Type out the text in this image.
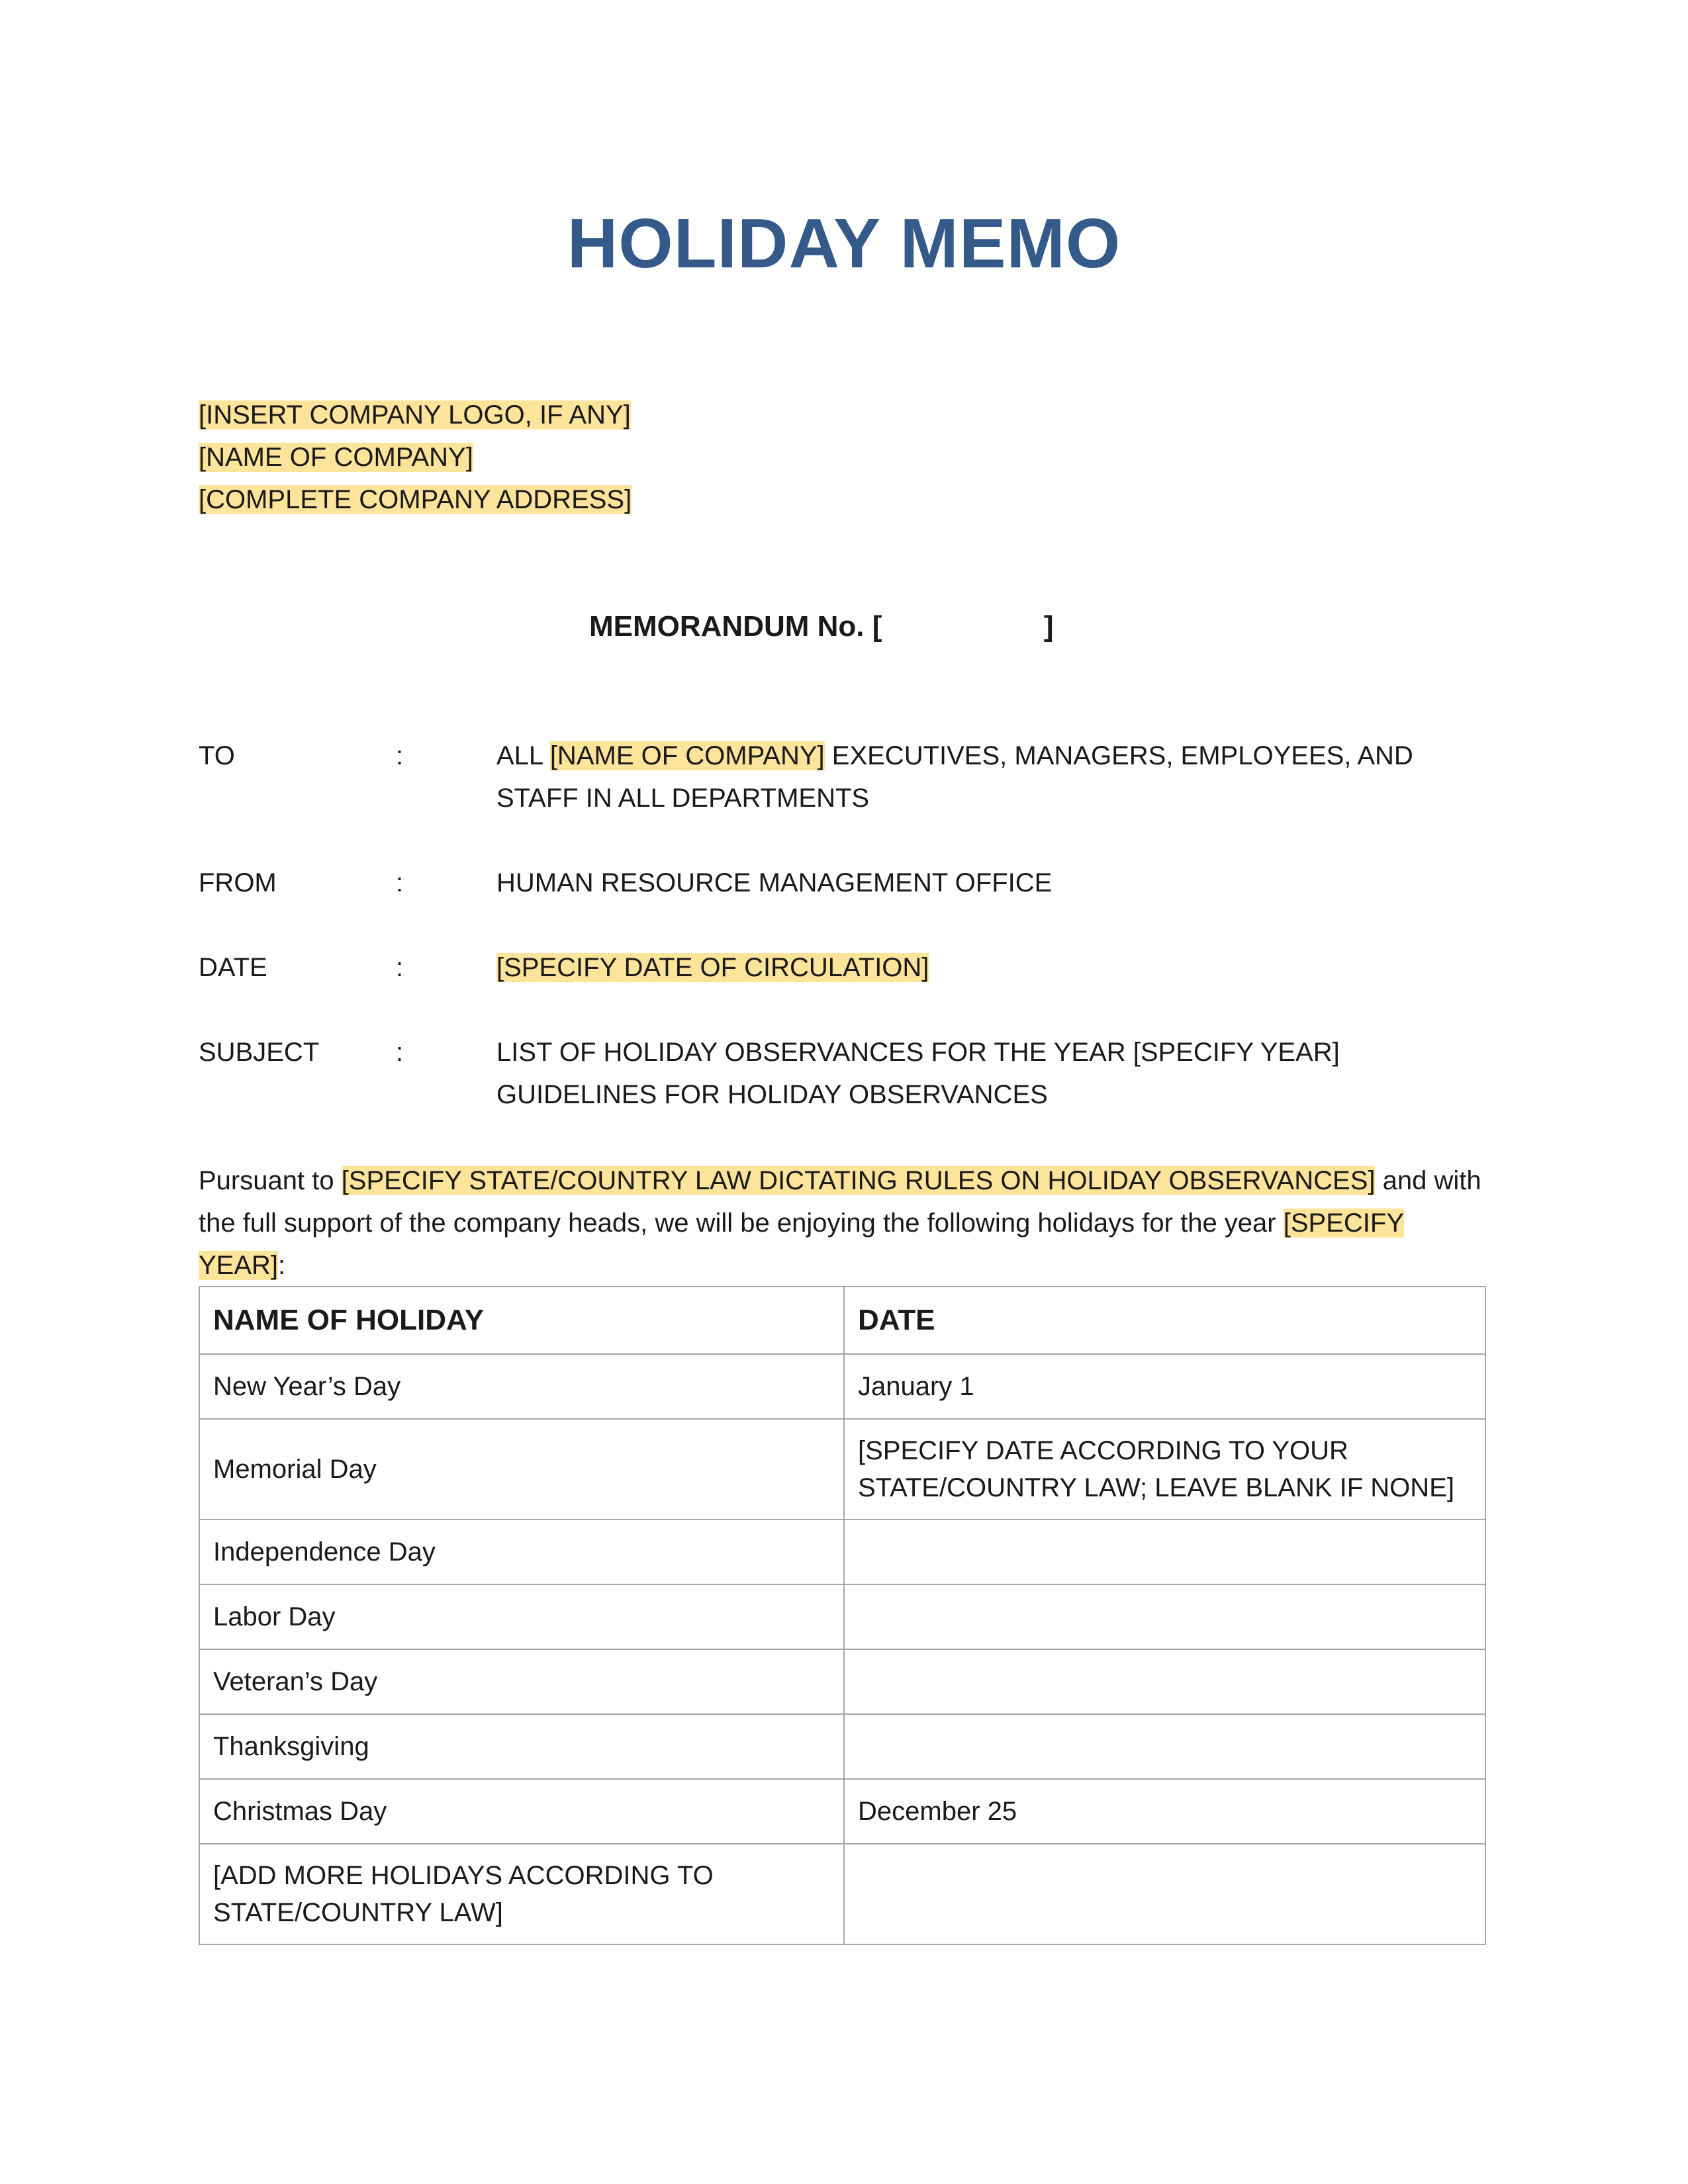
HOLIDAY MEMO
[INSERT COMPANY LOGO, IF ANY]
[NAME OF COMPANY]
[COMPLETE COMPANY ADDRESS]
MEMORANDUM No. [	]
TO	:	ALL [NAME OF COMPANY] EXECUTIVES, MANAGERS, EMPLOYEES, AND
STAFF IN ALL DEPARTMENTS
FROM	:	HUMAN RESOURCE MANAGEMENT OFFICE
DATE	:	[SPECIFY DATE OF CIRCULATION]
SUBJECT	:	LIST OF HOLIDAY OBSERVANCES FOR THE YEAR [SPECIFY YEAR]
GUIDELINES FOR HOLIDAY OBSERVANCES
Pursuant to [SPECIFY STATE/COUNTRY LAW DICTATING RULES ON HOLIDAY OBSERVANCES] and with the full support of the company heads, we will be enjoying the following holidays for the year [SPECIFY YEAR]:
NAME OF HOLIDAY	DATE
New Year’s Day	January 1
Memorial Day	[SPECIFY DATE ACCORDING TO YOUR STATE/COUNTRY LAW; LEAVE BLANK IF NONE]
Independence Day	
Labor Day	
Veteran’s Day	
Thanksgiving	
Christmas Day	December 25
[ADD MORE HOLIDAYS ACCORDING TO STATE/COUNTRY LAW]	
